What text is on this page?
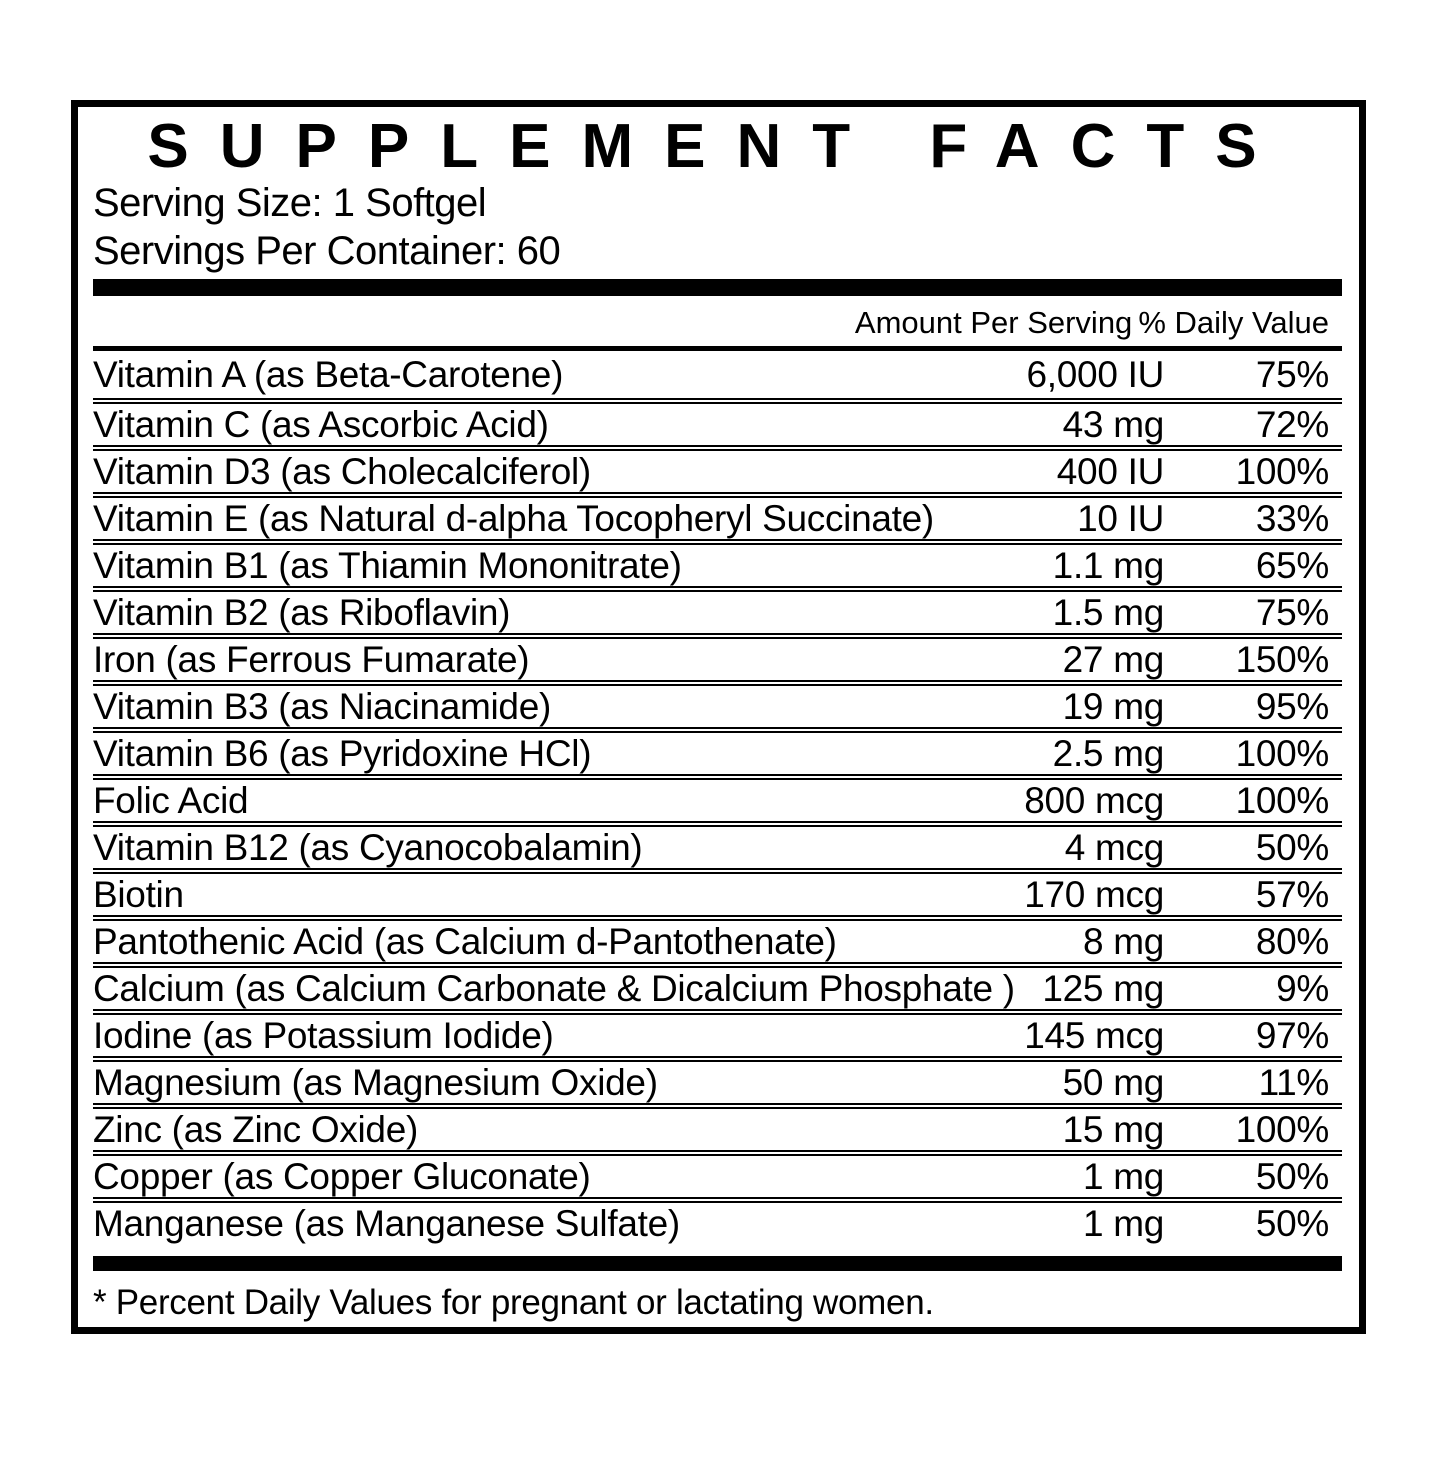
SUPPLEMENT FACTS
Serving Size: 1 Softgel
Servings Per Container: 60
Amount Per Serving % Daily Value
Vitamin A (as Beta-Carotene)	6,000 IU 75%
Vitamin C (as Ascorbic Acid)	43 mg 72%
Vitamin D3 (as Cholecalciferol)	400 IU 100%
Vitamin E (as Natural d-alpha Tocopheryl Succinate)	10 IU 33%
Vitamin B1 (as Thiamin Mononitrate)	1.1 mg 65%
Vitamin B2 (as Riboflavin)	1.5 mg 75%
Iron (as Ferrous Fumarate)	27 mg 150%
Vitamin B3 (as Niacinamide)	19 mg 95%
Vitamin B6 (as Pyridoxine HCl)	2.5 mg 100%
Folic Acid	800 mcg 100%
Vitamin B12 (as Cyanocobalamin)	4 mcg 50%
Biotin	170 mcg 57%
Pantothenic Acid (as Calcium d-Pantothenate)	8 mg 80%
Calcium (as Calcium Carbonate & Dicalcium Phosphate ) 125 mg	9%
Iodine (as Potassium Iodide)	145 mcg 97%
Magnesium (as Magnesium Oxide)	50 mg	11%
Zinc (as Zinc Oxide)	15 mg 100%
Copper (as Copper Gluconate)	1 mg 50%
Manganese (as Manganese Sulfate)	1 mg 50%
* Percent Daily Values for pregnant or lactating women.
